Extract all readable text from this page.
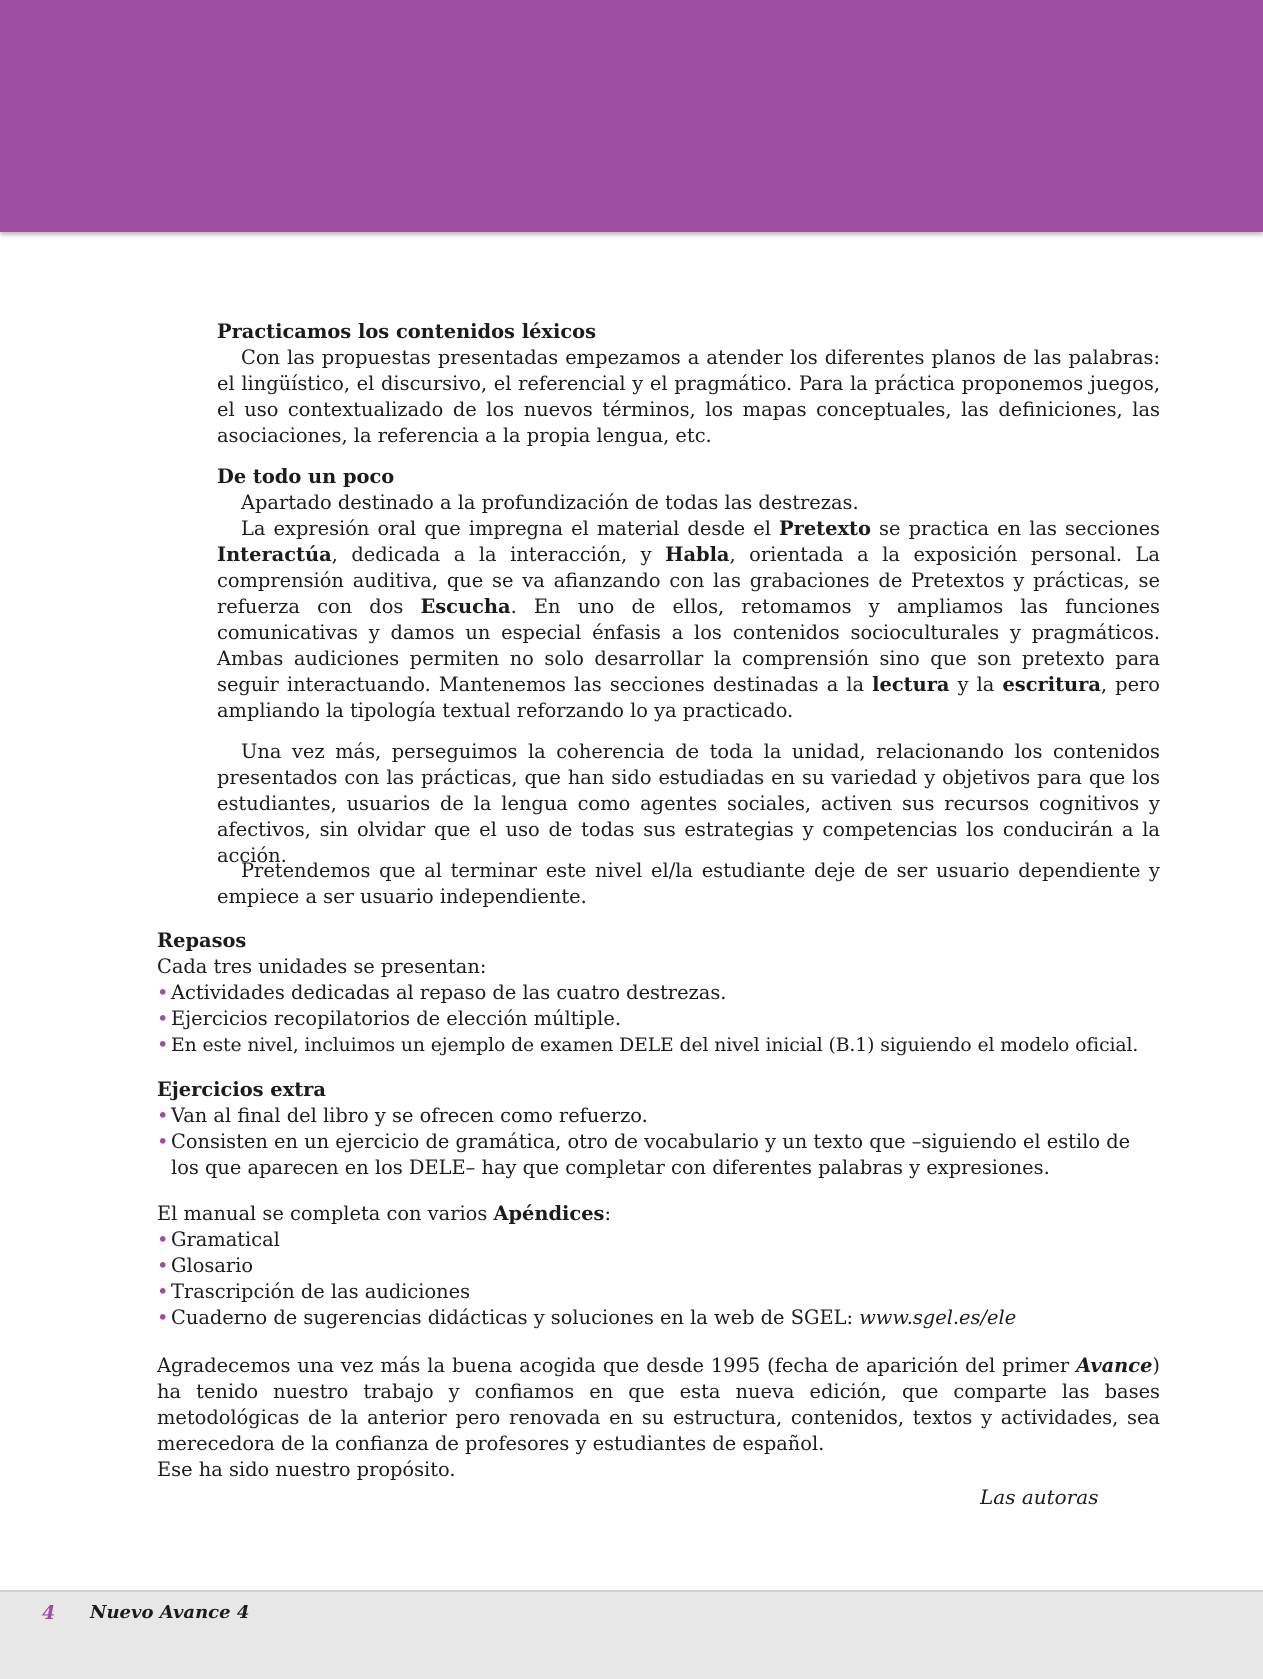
Practicamos los contenidos léxicos
Con las propuestas presentadas empezamos a atender los diferentes planos de las palabras: el lingüístico, el discursivo, el referencial y el pragmático. Para la práctica proponemos juegos, el uso contextualizado de los nuevos términos, los mapas conceptuales, las definiciones, las asociaciones, la referencia a la propia lengua, etc.
De todo un poco
Apartado destinado a la profundización de todas las destrezas.
La expresión oral que impregna el material desde el Pretexto se practica en las secciones Interactúa, dedicada a la interacción, y Habla, orientada a la exposición personal. La comprensión auditiva, que se va afianzando con las grabaciones de Pretextos y prácticas, se refuerza con dos Escucha. En uno de ellos, retomamos y ampliamos las funciones comunicativas y damos un especial énfasis a los contenidos socioculturales y pragmáticos. Ambas audiciones permiten no solo desarrollar la comprensión sino que son pretexto para seguir interactuando. Mantenemos las secciones destinadas a la lectura y la escritura, pero ampliando la tipología textual reforzando lo ya practicado.
Una vez más, perseguimos la coherencia de toda la unidad, relacionando los contenidos presentados con las prácticas, que han sido estudiadas en su variedad y objetivos para que los estudiantes, usuarios de la lengua como agentes sociales, activen sus recursos cognitivos y afectivos, sin olvidar que el uso de todas sus estrategias y competencias los conducirán a la acción.
Pretendemos que al terminar este nivel el/la estudiante deje de ser usuario dependiente y empiece a ser usuario independiente.
Repasos
Cada tres unidades se presentan:
• Actividades dedicadas al repaso de las cuatro destrezas.
• Ejercicios recopilatorios de elección múltiple.
• En este nivel, incluimos un ejemplo de examen DELE del nivel inicial (B.1) siguiendo el modelo oficial.
Ejercicios extra
• Van al final del libro y se ofrecen como refuerzo.
• Consisten en un ejercicio de gramática, otro de vocabulario y un texto que –siguiendo el estilo de los que aparecen en los DELE– hay que completar con diferentes palabras y expresiones.
El manual se completa con varios Apéndices:
• Gramatical
• Glosario
• Trascripción de las audiciones
• Cuaderno de sugerencias didácticas y soluciones en la web de SGEL: www.sgel.es/ele
Agradecemos una vez más la buena acogida que desde 1995 (fecha de aparición del primer Avance) ha tenido nuestro trabajo y confiamos en que esta nueva edición, que comparte las bases metodológicas de la anterior pero renovada en su estructura, contenidos, textos y actividades, sea merecedora de la confianza de profesores y estudiantes de español.
Ese ha sido nuestro propósito.
Las autoras
4 Nuevo Avance 4
